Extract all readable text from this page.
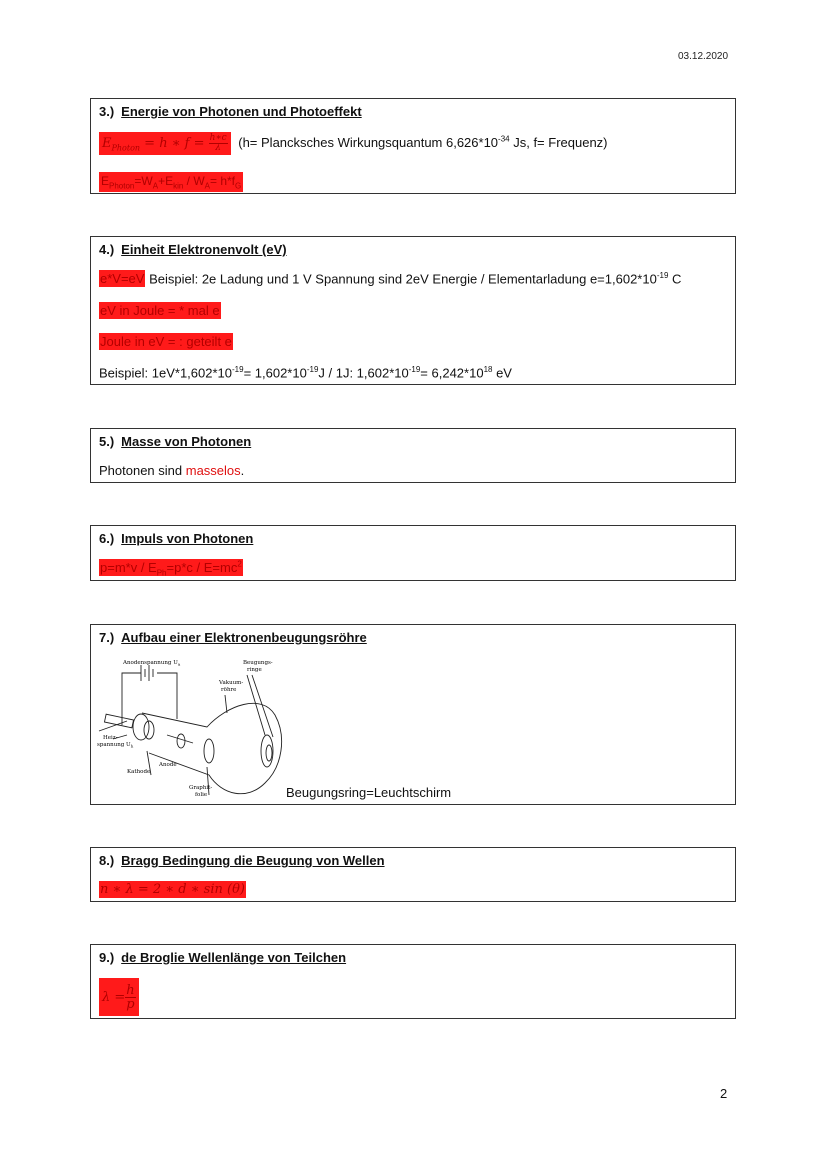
03.12.2020
3.) Energie von Photonen und Photoeffekt
$E_{Photon} = h$ ∗ $f = \frac{h∗c}{\lambda} (h=$ Plancksches Wirkungsquantum $6,626*10^{-34}$ Js, f= Frequenz)
$E_{Photon}=W_A+E_{kin} / W_A= h*f_G$
4.) Einheit Elektronenvolt (eV)
e*V=eV Beispiel: 2e Ladung und 1 V Spannung sind 2eV Energie / Elementarladung $e=1,602*10^{-19}$ C
eV in Joule = * mal e
Joule in eV = : geteilt e
Beispiel: $1eV*1,602*10^{-19}= 1,602*10^{-19}J / 1J$: $1,602*10^{-19}= 6,242*10^{18}$ eV
5.) Masse von Photonen
Photonen sind masselos.
6.) Impuls von Photonen
$p=m*v / E_{Ph}=p*c / E=mc^2$
7.) Aufbau einer Elektronenbeugungsröhre
Anodenspannung $U_a$	Beugungs-
ringe
Vakuum-
röhre
Heiz-
spannung $U_h$
Anode
Kathode
Graphit-
folie	Beugungsring=Leuchtschirm
8.) Bragg Bedingung die Beugung von Wellen
n ∗ λ = 2 ∗ d ∗ sin (θ)
9.) de Broglie Wellenlänge von Teilchen
$\lambda = \frac{h}{p}$
2
